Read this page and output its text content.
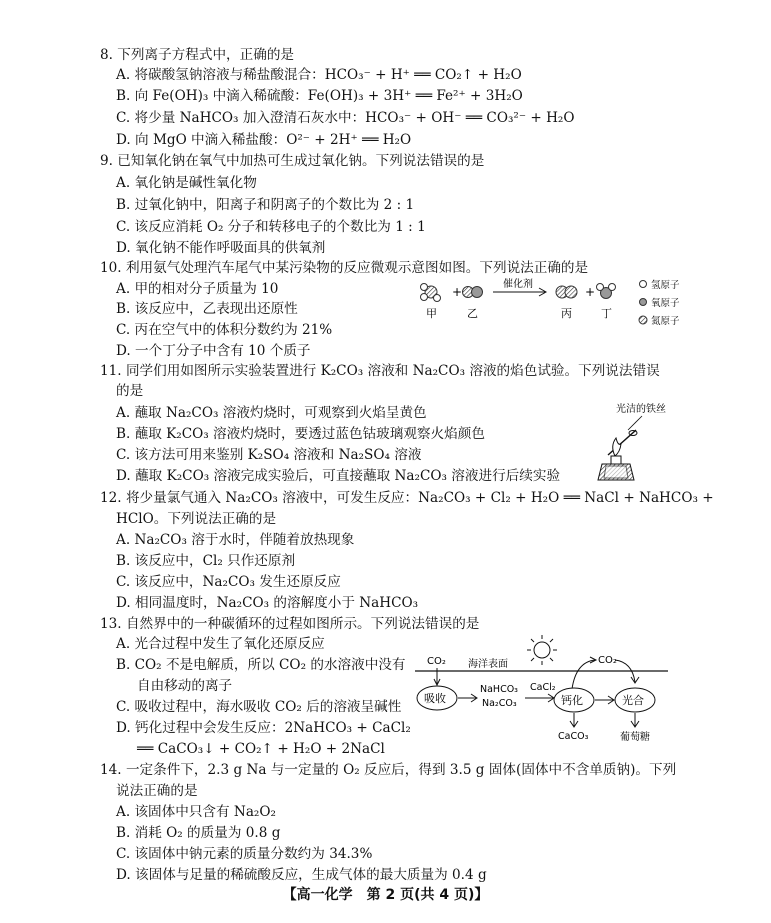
8. 下列离子方程式中，正确的是
A. 将碳酸氢钠溶液与稀盐酸混合：HCO₃⁻ + H⁺ ══ CO₂↑ + H₂O
B. 向 Fe(OH)₃ 中滴入稀硫酸：Fe(OH)₃ + 3H⁺ ══ Fe²⁺ + 3H₂O
C. 将少量 NaHCO₃ 加入澄清石灰水中：HCO₃⁻ + OH⁻ ══ CO₃²⁻ + H₂O
D. 向 MgO 中滴入稀盐酸：O²⁻ + 2H⁺ ══ H₂O
9. 已知氧化钠在氧气中加热可生成过氧化钠。下列说法错误的是
A. 氧化钠是碱性氧化物
B. 过氧化钠中，阳离子和阴离子的个数比为 2 : 1
C. 该反应消耗 O₂ 分子和转移电子的个数比为 1 : 1
D. 氧化钠不能作呼吸面具的供氧剂
10. 利用氨气处理汽车尾气中某污染物的反应微观示意图如图。下列说法正确的是
A. 甲的相对分子质量为 10
B. 该反应中，乙表现出还原性
C. 丙在空气中的体积分数约为 21%
D. 一个丁分子中含有 10 个质子
+
催化剂
+
甲	乙	丙	丁
氢原子
氧原子
氮原子
11. 同学们用如图所示实验装置进行 K₂CO₃ 溶液和 Na₂CO₃ 溶液的焰色试验。下列说法错误
的是
A. 蘸取 Na₂CO₃ 溶液灼烧时，可观察到火焰呈黄色
B. 蘸取 K₂CO₃ 溶液灼烧时，要透过蓝色钴玻璃观察火焰颜色
C. 该方法可用来鉴别 K₂SO₄ 溶液和 Na₂SO₄ 溶液
D. 蘸取 K₂CO₃ 溶液完成实验后，可直接蘸取 Na₂CO₃ 溶液进行后续实验
光洁的铁丝
12. 将少量氯气通入 Na₂CO₃ 溶液中，可发生反应：Na₂CO₃ + Cl₂ + H₂O ══ NaCl + NaHCO₃ +
HClO。下列说法正确的是
A. Na₂CO₃ 溶于水时，伴随着放热现象
B. 该反应中，Cl₂ 只作还原剂
C. 该反应中，Na₂CO₃ 发生还原反应
D. 相同温度时，Na₂CO₃ 的溶解度小于 NaHCO₃
13. 自然界中的一种碳循环的过程如图所示。下列说法错误的是
A. 光合过程中发生了氧化还原反应
B. CO₂ 不是电解质，所以 CO₂ 的水溶液中没有
自由移动的离子
C. 吸收过程中，海水吸收 CO₂ 后的溶液呈碱性
D. 钙化过程中会发生反应：2NaHCO₃ + CaCl₂
══ CaCO₃↓ + CO₂↑ + H₂O + 2NaCl
CO₂ 海洋表面	CO₂
吸收
NaHCO₃
Na₂CO₃
CaCl₂
钙化	光合
CaCO₃	葡萄糖
14. 一定条件下，2.3 g Na 与一定量的 O₂ 反应后，得到 3.5 g 固体(固体中不含单质钠)。下列
说法正确的是
A. 该固体中只含有 Na₂O₂
B. 消耗 O₂ 的质量为 0.8 g
C. 该固体中钠元素的质量分数约为 34.3%
D. 该固体与足量的稀硫酸反应，生成气体的最大质量为 0.4 g
【高一化学　第 2 页(共 4 页)】
